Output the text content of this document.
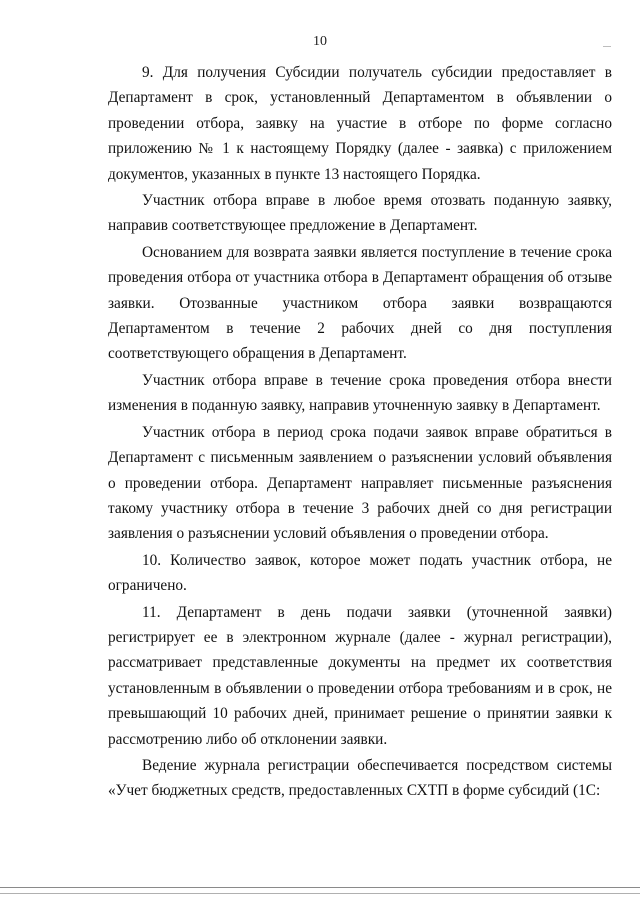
10

9. Для получения Субсидии получатель субсидии предоставляет в Департамент в срок, установленный Департаментом в объявлении о проведении отбора, заявку на участие в отборе по форме согласно приложению № 1 к настоящему Порядку (далее - заявка) с приложением документов, указанных в пункте 13 настоящего Порядка.

Участник отбора вправе в любое время отозвать поданную заявку, направив соответствующее предложение в Департамент.

Основанием для возврата заявки является поступление в течение срока проведения отбора от участника отбора в Департамент обращения об отзыве заявки. Отозванные участником отбора заявки возвращаются Департаментом в течение 2 рабочих дней со дня поступления соответствующего обращения в Департамент.

Участник отбора вправе в течение срока проведения отбора внести изменения в поданную заявку, направив уточненную заявку в Департамент.

Участник отбора в период срока подачи заявок вправе обратиться в Департамент с письменным заявлением о разъяснении условий объявления о проведении отбора. Департамент направляет письменные разъяснения такому участнику отбора в течение 3 рабочих дней со дня регистрации заявления о разъяснении условий объявления о проведении отбора.

10. Количество заявок, которое может подать участник отбора, не ограничено.

11. Департамент в день подачи заявки (уточненной заявки) регистрирует ее в электронном журнале (далее - журнал регистрации), рассматривает представленные документы на предмет их соответствия установленным в объявлении о проведении отбора требованиям и в срок, не превышающий 10 рабочих дней, принимает решение о принятии заявки к рассмотрению либо об отклонении заявки.

Ведение журнала регистрации обеспечивается посредством системы «Учет бюджетных средств, предоставленных СХТП в форме субсидий (1С:
